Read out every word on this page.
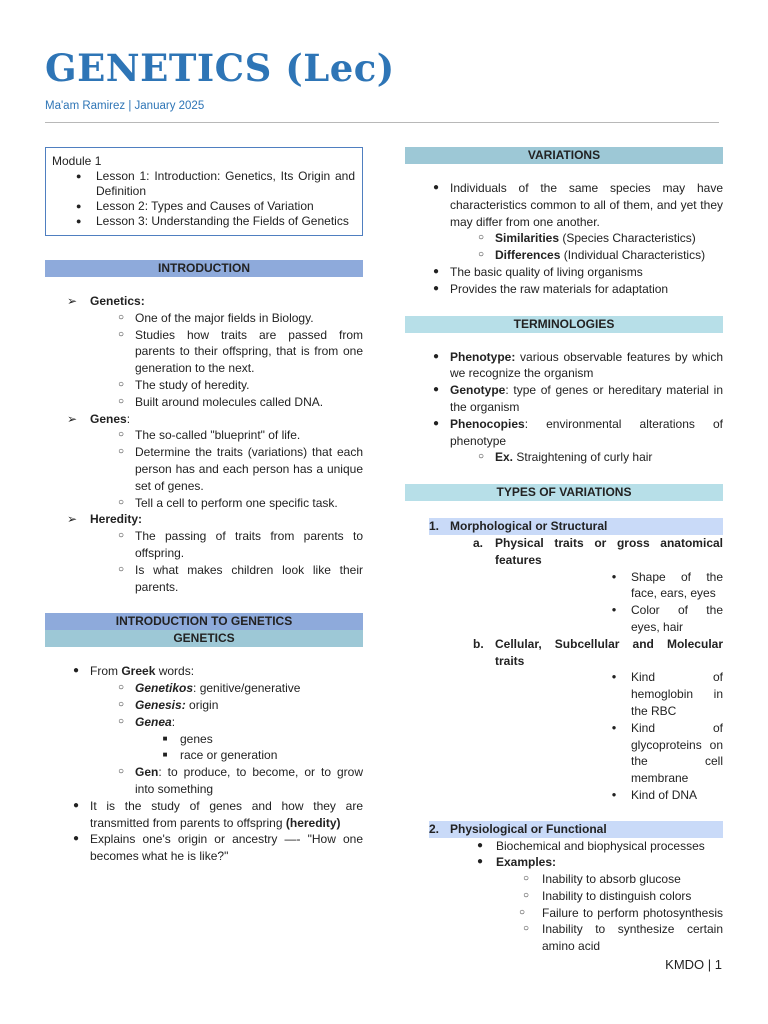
GENETICS (Lec)
Ma'am Ramirez | January 2025
Module 1
● Lesson 1: Introduction: Genetics, Its Origin and Definition
● Lesson 2: Types and Causes of Variation
● Lesson 3: Understanding the Fields of Genetics
INTRODUCTION
➢ Genetics:
○ One of the major fields in Biology.
○ Studies how traits are passed from parents to their offspring, that is from one generation to the next.
○ The study of heredity.
○ Built around molecules called DNA.
➢ Genes:
○ The so-called "blueprint" of life.
○ Determine the traits (variations) that each person has and each person has a unique set of genes.
○ Tell a cell to perform one specific task.
➢ Heredity:
○ The passing of traits from parents to offspring.
○ Is what makes children look like their parents.
INTRODUCTION TO GENETICS
GENETICS
● From Greek words:
○ Genetikos: genitive/generative
○ Genesis: origin
○ Genea:
■	genes
■	race or generation
○ Gen: to produce, to become, or to grow into something
● It is the study of genes and how they are transmitted from parents to offspring (heredity)
● Explains one's origin or ancestry —- "How one becomes what he is like?"
VARIATIONS
● Individuals of the same species may have characteristics common to all of them, and yet they may differ from one another.
○ Similarities (Species Characteristics)
○ Differences (Individual Characteristics)
● The basic quality of living organisms
● Provides the raw materials for adaptation
TERMINOLOGIES
● Phenotype: various observable features by which we recognize the organism
● Genotype: type of genes or hereditary material in the organism
● Phenocopies: environmental alterations of phenotype
○ Ex. Straightening of curly hair
TYPES OF VARIATIONS
1. Morphological or Structural
a. Physical traits or gross anatomical features
●	Shape of the face, ears, eyes
●	Color of the eyes, hair
b. Cellular, Subcellular and Molecular traits
●	Kind of hemoglobin in the RBC
●	Kind of glycoproteins on the cell membrane
●	Kind of DNA
2. Physiological or Functional
●	Biochemical and biophysical processes
●	Examples:
○	Inability to absorb glucose
○	Inability to distinguish colors
○	Failure to perform photosynthesis
○	Inability to synthesize certain amino acid
KMDO | 1
